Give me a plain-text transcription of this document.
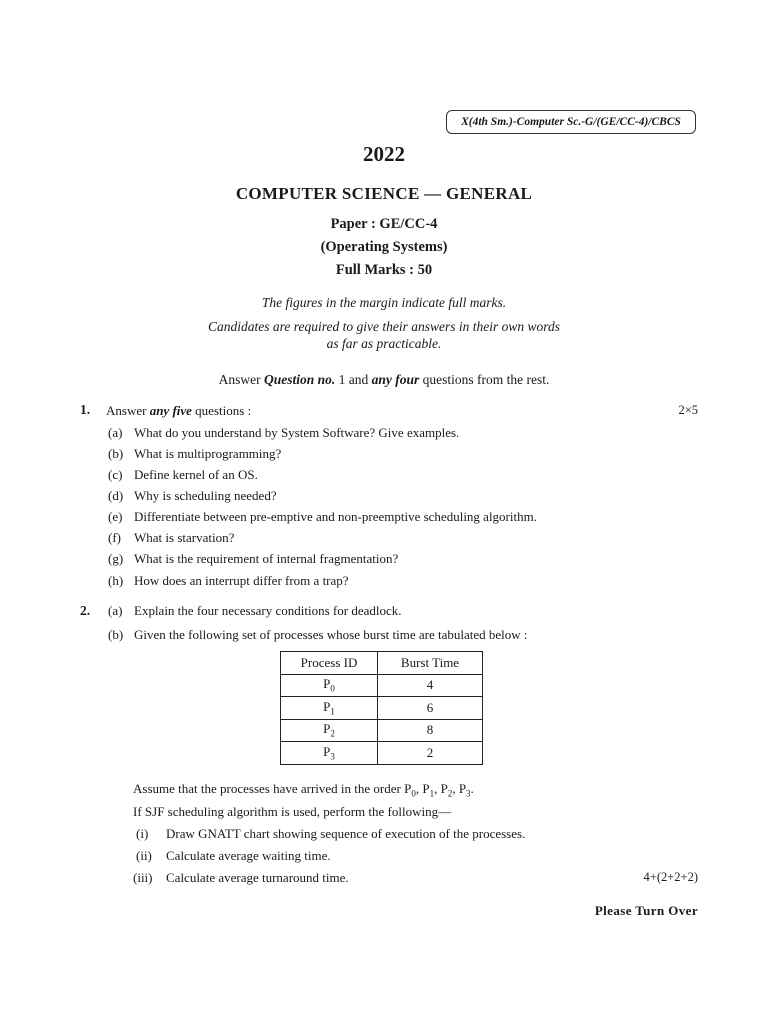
X(4th Sm.)-Computer Sc.-G/(GE/CC-4)/CBCS
2022
COMPUTER SCIENCE — GENERAL
Paper : GE/CC-4
(Operating Systems)
Full Marks : 50
The figures in the margin indicate full marks.
Candidates are required to give their answers in their own words
as far as practicable.
Answer Question no. 1 and any four questions from the rest.
1. Answer any five questions :	2×5
(a) What do you understand by System Software? Give examples.
(b) What is multiprogramming?
(c) Define kernel of an OS.
(d) Why is scheduling needed?
(e) Differentiate between pre-emptive and non-preemptive scheduling algorithm.
(f) What is starvation?
(g) What is the requirement of internal fragmentation?
(h) How does an interrupt differ from a trap?
2. (a) Explain the four necessary conditions for deadlock.
(b) Given the following set of processes whose burst time are tabulated below :
Process ID	Burst Time
$P_0$	4
$P_1$	6
$P_2$	8
$P_3$	2
Assume that the processes have arrived in the order $P_0$, $P_1$, $P_2$, $P_3$.
If SJF scheduling algorithm is used, perform the following—
(i) Draw GNATT chart showing sequence of execution of the processes.
(ii) Calculate average waiting time.
(iii) Calculate average turnaround time.	4+(2+2+2)
Please Turn Over
